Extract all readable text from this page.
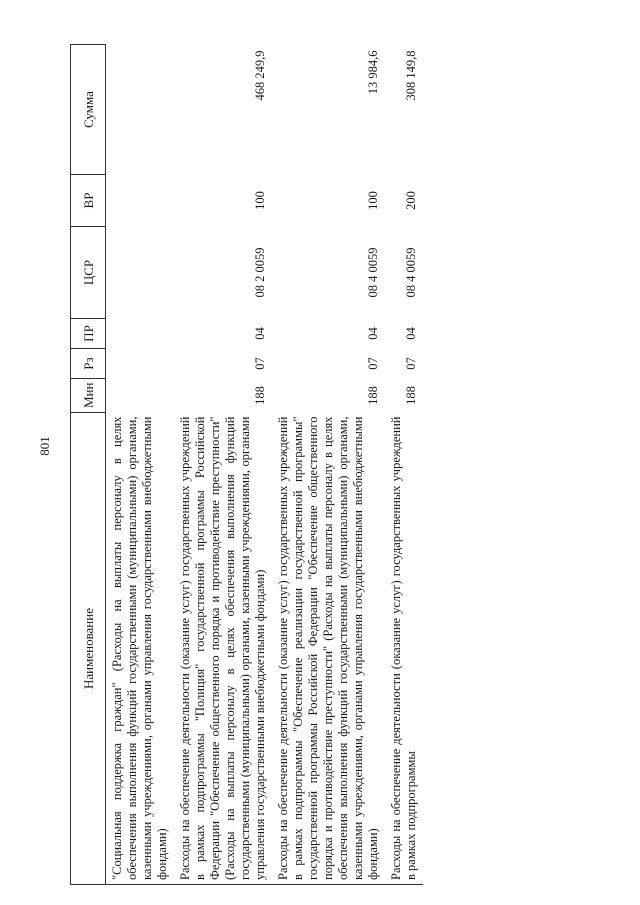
801
Наименование	Мин	Рз	ПР	ЦСР	ВР	Сумма
"Социальная поддержка граждан" (Расходы на выплаты персоналу в целях обеспечения выполнения функций государственными (муниципальными) органами, казенными учреждениями, органами управления государственными внебюджетными фондами)						
Расходы на обеспечение деятельности (оказание услуг) государственных учреждений в рамках подпрограммы "Полиция" государственной программы Российской Федерации "Обеспечение общественного порядка и противодействие преступности" (Расходы на выплаты персоналу в целях обеспечения выполнения функций государственными (муниципальными) органами, казенными учреждениями, органами управления государственными внебюджетными фондами)	188	07	04	08 2 0059	100	468 249,9
Расходы на обеспечение деятельности (оказание услуг) государственных учреждений в рамках подпрограммы "Обеспечение реализации государственной программы" государственной программы Российской Федерации "Обеспечение общественного порядка и противодействие преступности" (Расходы на выплаты персоналу в целях обеспечения выполнения функций государственными (муниципальными) органами, казенными учреждениями, органами управления государственными внебюджетными фондами)	188	07	04	08 4 0059	100	13 984,6
Расходы на обеспечение деятельности (оказание услуг) государственных учреждений в рамках подпрограммы	188	07	04	08 4 0059	200	308 149,8
